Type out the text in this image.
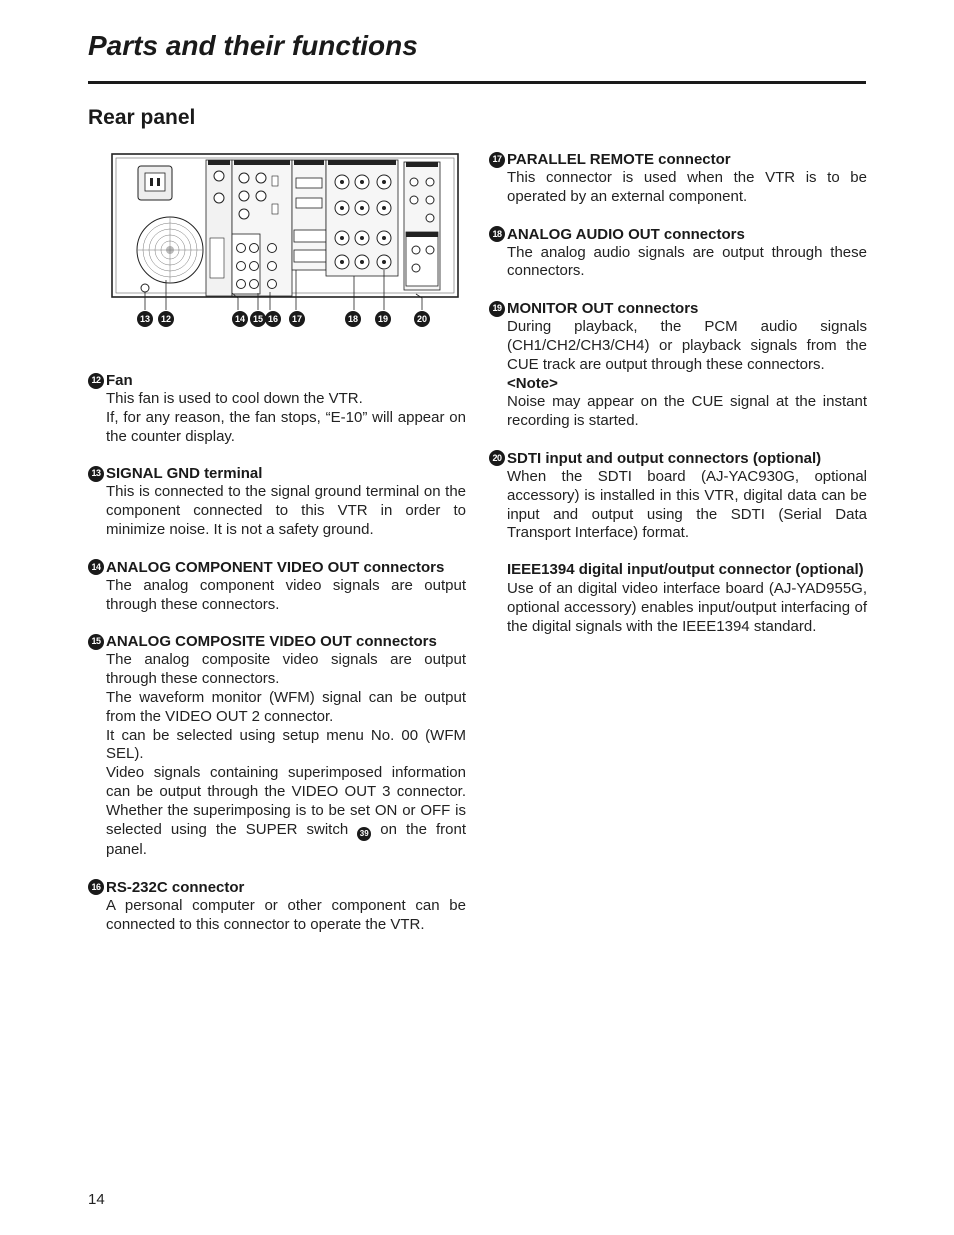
Parts and their functions
Rear panel
13 12	14 15 16 17	18 19	20
12 Fan

This fan is used to cool down the VTR.

If, for any reason, the fan stops, “E-10” will appear on the counter display.

13 SIGNAL GND terminal

This is connected to the signal ground terminal on the component connected to this VTR in order to minimize noise. It is not a safety ground.

14 ANALOG COMPONENT VIDEO OUT connectors

The analog component video signals are output through these connectors.

15 ANALOG COMPOSITE VIDEO OUT connectors

The analog composite video signals are output through these connectors.

The waveform monitor (WFM) signal can be output from the VIDEO OUT 2 connector.

It can be selected using setup menu No. 00 (WFM SEL).

Video signals containing superimposed information can be output through the VIDEO OUT 3 connector. Whether the superimposing is to be set ON or OFF is selected using the SUPER switch 39 on the front panel.

16 RS-232C connector

A personal computer or other component can be connected to this connector to operate the VTR.

17 PARALLEL REMOTE connector

This connector is used when the VTR is to be operated by an external component.

18 ANALOG AUDIO OUT connectors

The analog audio signals are output through these connectors.

19 MONITOR OUT connectors

During playback, the PCM audio signals (CH1/CH2/CH3/CH4) or playback signals from the CUE track are output through these connectors.

<Note>

Noise may appear on the CUE signal at the instant recording is started.

20 SDTI input and output connectors (optional)

When the SDTI board (AJ-YAC930G, optional accessory) is installed in this VTR, digital data can be input and output using the SDTI (Serial Data Transport Interface) format.

IEEE1394 digital input/output connector (optional)

Use of an digital video interface board (AJ-YAD955G, optional accessory) enables input/output interfacing of the digital signals with the IEEE1394 standard.

14
